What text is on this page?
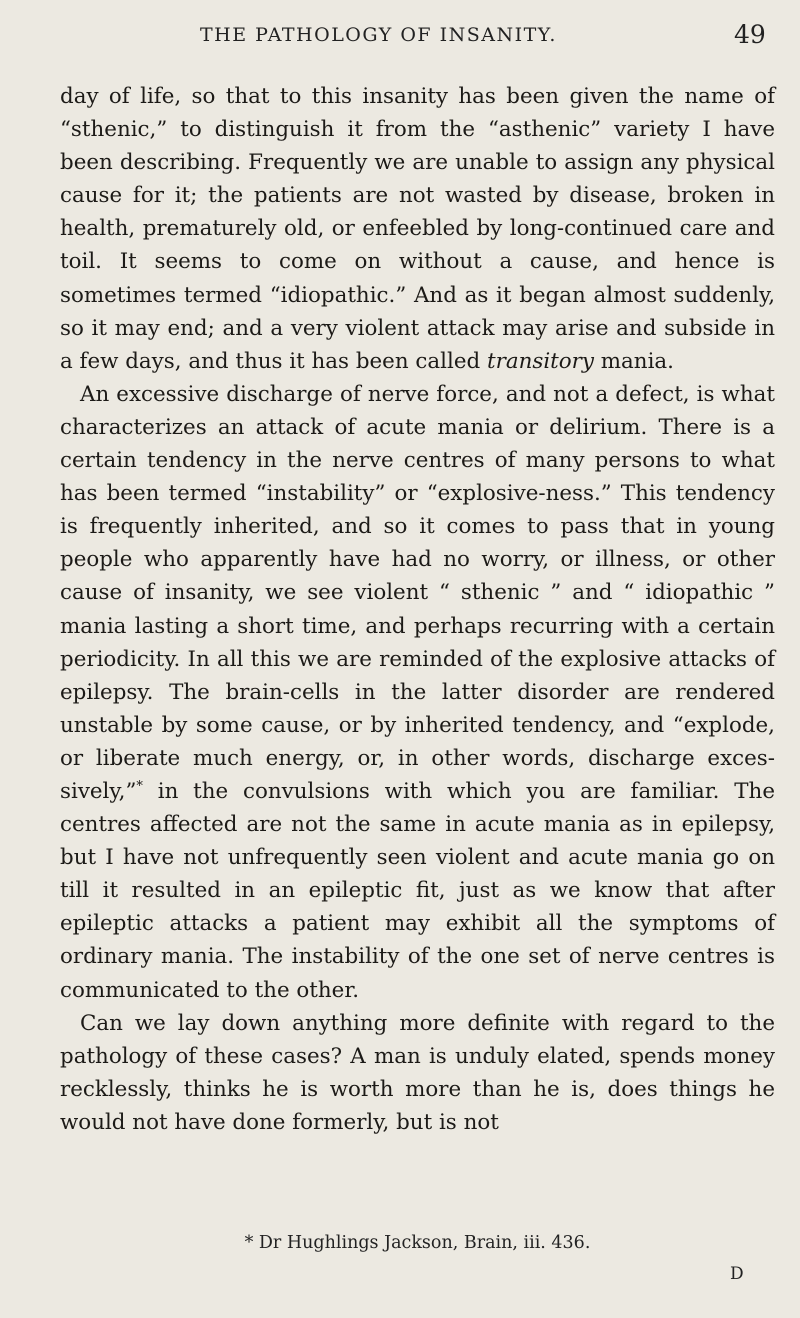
THE PATHOLOGY OF INSANITY.	49

day of life, so that to this insanity has been given the name of “sthenic,” to distinguish it from the “asthenic” variety I have been describing. Frequently we are unable to assign any physical cause for it; the patients are not wasted by disease, broken in health, prematurely old, or enfeebled by long-continued care and toil. It seems to come on without a cause, and hence is sometimes termed “idiopathic.” And as it began almost suddenly, so it may end; and a very violent attack may arise and subside in a few days, and thus it has been called transitory mania.

An excessive discharge of nerve force, and not a defect, is what characterizes an attack of acute mania or delirium. There is a certain tendency in the nerve centres of many persons to what has been termed “instability” or “explosive-ness.” This tendency is frequently inherited, and so it comes to pass that in young people who apparently have had no worry, or illness, or other cause of insanity, we see violent “ sthenic ” and “ idiopathic ” mania lasting a short time, and perhaps recurring with a certain periodicity. In all this we are reminded of the explosive attacks of epilepsy. The brain-cells in the latter disorder are rendered unstable by some cause, or by inherited tendency, and “explode, or liberate much energy, or, in other words, discharge exces-sively,”* in the convulsions with which you are familiar. The centres affected are not the same in acute mania as in epilepsy, but I have not unfrequently seen violent and acute mania go on till it resulted in an epileptic fit, just as we know that after epileptic attacks a patient may exhibit all the symptoms of ordinary mania. The instability of the one set of nerve centres is communicated to the other.

Can we lay down anything more definite with regard to the pathology of these cases? A man is unduly elated, spends money recklessly, thinks he is worth more than he is, does things he would not have done formerly, but is not

* Dr Hughlings Jackson, Brain, iii. 436.
D
